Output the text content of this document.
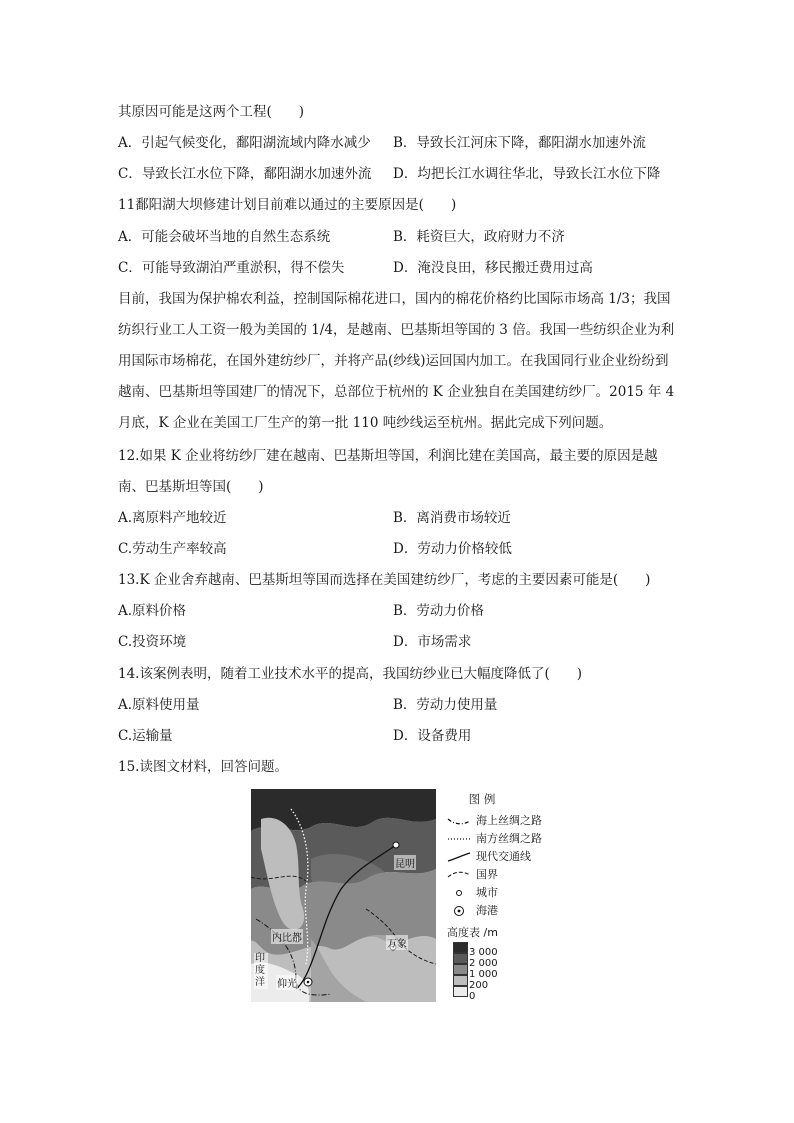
其原因可能是这两个工程(　　)
A．引起气候变化，鄱阳湖流域内降水减少 B．导致长江河床下降，鄱阳湖水加速外流
C．导致长江水位下降，鄱阳湖水加速外流 D．均把长江水调往华北，导致长江水位下降
11鄱阳湖大坝修建计划目前难以通过的主要原因是(　　)
A．可能会破坏当地的自然生态系统	B．耗资巨大，政府财力不济
C．可能导致湖泊严重淤积，得不偿失	D．淹没良田，移民搬迁费用过高
目前，我国为保护棉农利益，控制国际棉花进口，国内的棉花价格约比国际市场高 1/3；我国纺织行业工人工资一般为美国的 1/4，是越南、巴基斯坦等国的 3 倍。我国一些纺织企业为利用国际市场棉花，在国外建纺纱厂，并将产品(纱线)运回国内加工。在我国同行业企业纷纷到越南、巴基斯坦等国建厂的情况下，总部位于杭州的 K 企业独自在美国建纺纱厂。2015 年 4 月底，K 企业在美国工厂生产的第一批 110 吨纱线运至杭州。据此完成下列问题。
12.如果 K 企业将纺纱厂建在越南、巴基斯坦等国，利润比建在美国高，最主要的原因是越南、巴基斯坦等国(　　)
A.离原料产地较近	B．离消费市场较近
C.劳动生产率较高	D．劳动力价格较低
13.K 企业舍弃越南、巴基斯坦等国而选择在美国建纺纱厂，考虑的主要因素可能是(　　)
A.原料价格	B．劳动力价格
C.投资环境	D．市场需求
14.该案例表明，随着工业技术水平的提高，我国纺纱业已大幅度降低了(　　)
A.原料使用量	B．劳动力使用量
C.运输量	D．设备费用
15.读图文材料，回答问题。
昆明
内比都
万象
仰光
印度洋
图 例
海上丝绸之路
南方丝绸之路
现代交通线
国界
城市
海港
高度表 /m
3 000
2 000
1 000
200
0
